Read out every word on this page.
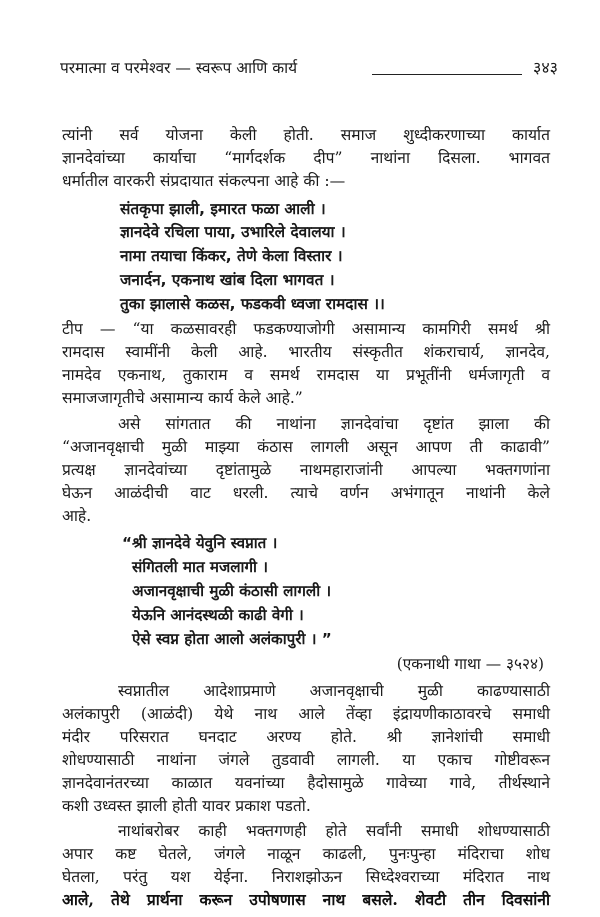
परमात्मा व परमेश्वर — स्वरूप आणि कार्य	३४३
त्यांनी सर्व योजना केली होती. समाज शुध्दीकरणाच्या कार्यात
ज्ञानदेवांच्या कार्याचा “मार्गदर्शक दीप” नाथांना दिसला. भागवत
धर्मातील वारकरी संप्रदायात संकल्पना आहे की :—
संतकृपा झाली, इमारत फळा आली ।
ज्ञानदेवे रचिला पाया, उभारिले देवालया ।
नामा तयाचा किंकर, तेणे केला विस्तार ।
जनार्दन, एकनाथ खांब दिला भागवत ।
तुका झालासे कळस, फडकवी ध्वजा रामदास ।।
टीप — “या कळसावरही फडकण्याजोगी असामान्य कामगिरी समर्थ श्री
रामदास स्वामींनी केली आहे. भारतीय संस्कृतीत शंकराचार्य, ज्ञानदेव,
नामदेव एकनाथ, तुकाराम व समर्थ रामदास या प्रभूतींनी धर्मजागृती व
समाजजागृतीचे असामान्य कार्य केले आहे.”
असे सांगतात की नाथांना ज्ञानदेवांचा दृष्टांत झाला की
“अजानवृक्षाची मुळी माझ्या कंठास लागली असून आपण ती काढावी”
प्रत्यक्ष ज्ञानदेवांच्या दृष्टांतामुळे नाथमहाराजांनी आपल्या भक्तगणांना
घेऊन आळंदीची वाट धरली. त्याचे वर्णन अभंगातून नाथांनी केले
आहे.
“श्री ज्ञानदेवे येवुनि स्वप्नात ।
संगितली मात मजलागी ।
अजानवृक्षाची मुळी कंठासी लागली ।
येऊनि आनंदस्थळी काढी वेगी ।
ऐसे स्वप्न होता आलो अलंकापुरी । ”
(एकनाथी गाथा — ३५२४)
स्वप्नातील आदेशाप्रमाणे अजानवृक्षाची मुळी काढण्यासाठी
अलंकापुरी (आळंदी) येथे नाथ आले तेंव्हा इंद्रायणीकाठावरचे समाधी
मंदीर परिसरात घनदाट अरण्य होते. श्री ज्ञानेशांची समाधी
शोधण्यासाठी नाथांना जंगले तुडवावी लागली. या एकाच गोष्टीवरून
ज्ञानदेवानंतरच्या काळात यवनांच्या हैदोसामुळे गावेच्या गावे, तीर्थस्थाने
कशी उध्वस्त झाली होती यावर प्रकाश पडतो.
नाथांबरोबर काही भक्तगणही होते सर्वांनी समाधी शोधण्यासाठी
अपार कष्ट घेतले, जंगले नाळून काढली, पुनःपुन्हा मंदिराचा शोध
घेतला, परंतु यश येईना. निराशझोऊन सिध्देश्वराच्या मंदिरात नाथ
आले, तेथे प्रार्थना करून उपोषणास नाथ बसले. शेवटी तीन दिवसांनी
